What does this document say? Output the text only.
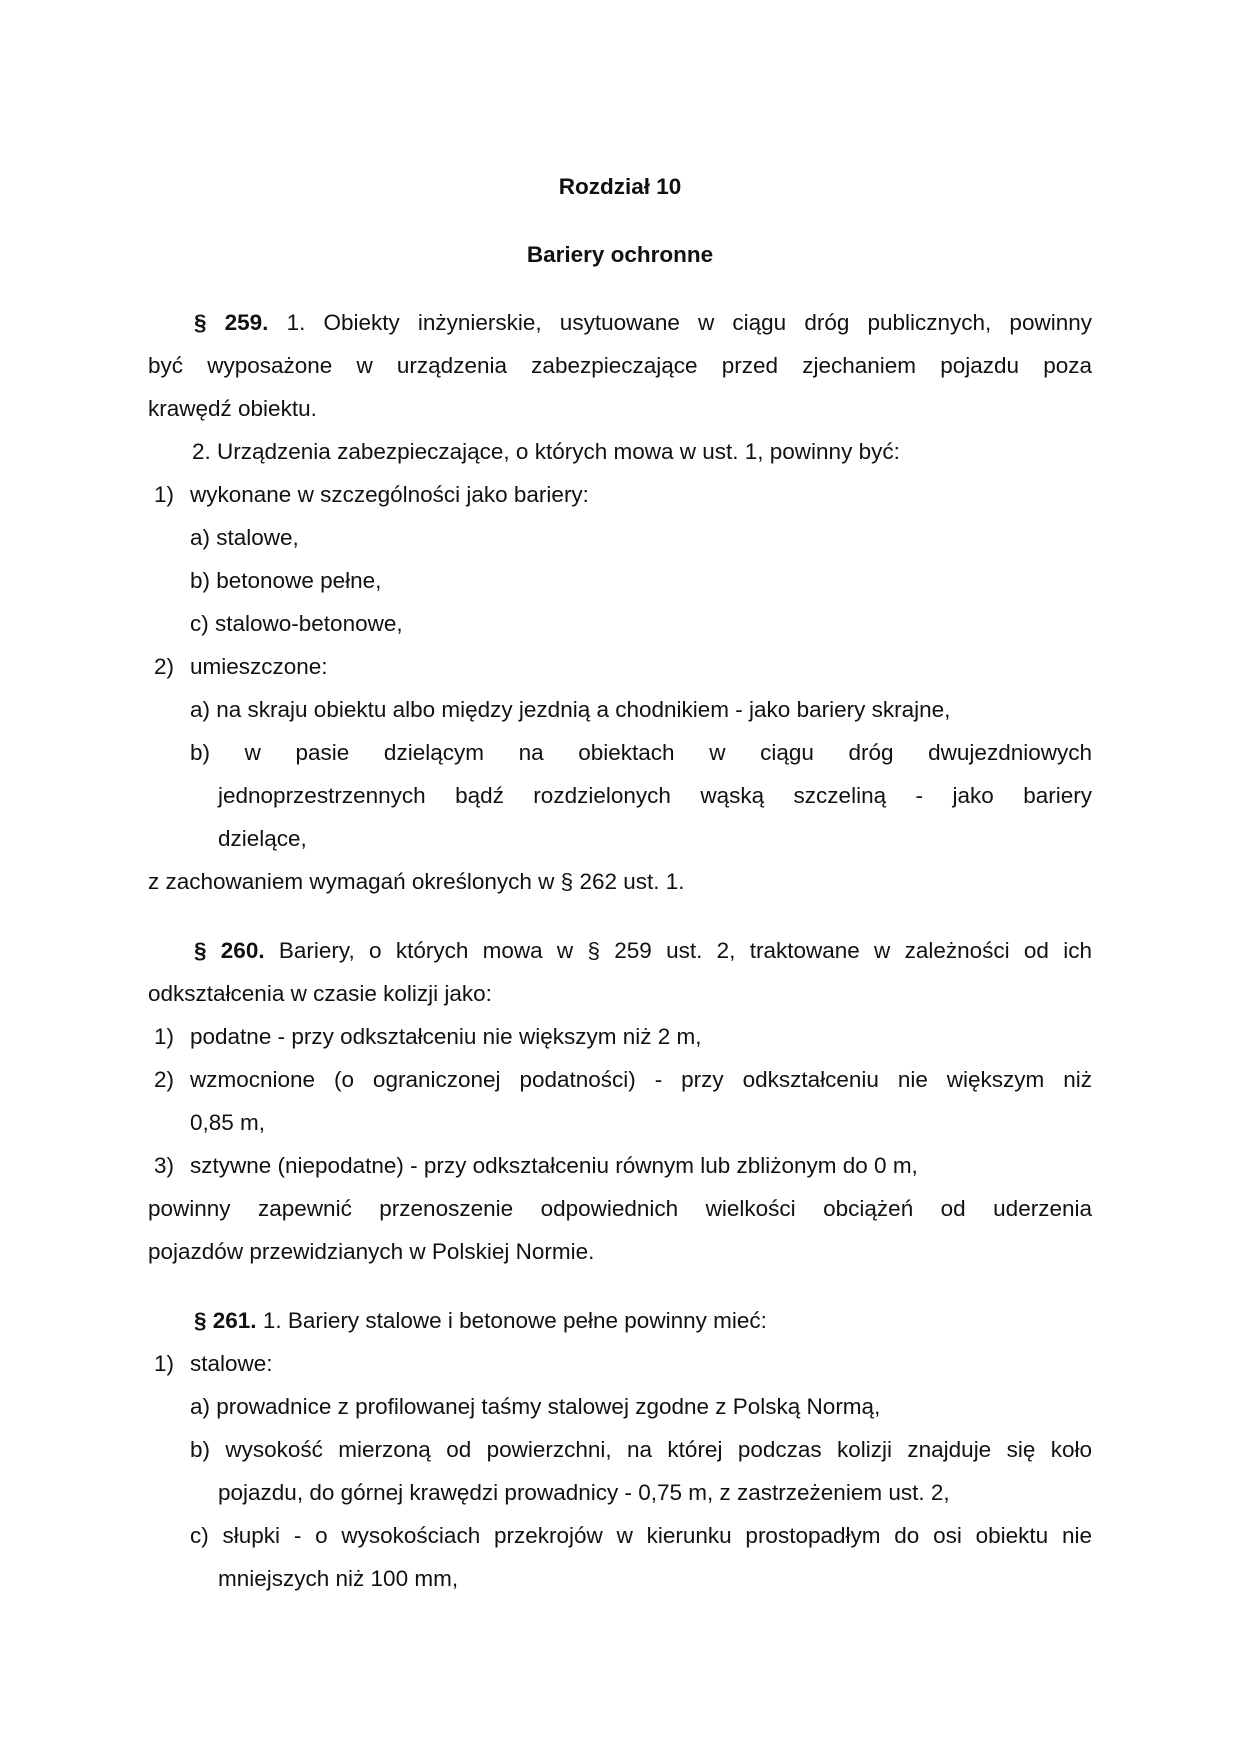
Rozdział 10
Bariery ochronne
§ 259. 1. Obiekty inżynierskie, usytuowane w ciągu dróg publicznych, powinny
być wyposażone w urządzenia zabezpieczające przed zjechaniem pojazdu poza
krawędź obiektu.
2. Urządzenia zabezpieczające, o których mowa w ust. 1, powinny być:
1) wykonane w szczególności jako bariery:
a) stalowe,
b) betonowe pełne,
c) stalowo-betonowe,
2) umieszczone:
a) na skraju obiektu albo między jezdnią a chodnikiem - jako bariery skrajne,
b) w pasie dzielącym na obiektach w ciągu dróg dwujezdniowych
jednoprzestrzennych bądź rozdzielonych wąską szczeliną - jako bariery
dzielące,
z zachowaniem wymagań określonych w § 262 ust. 1.
§ 260. Bariery, o których mowa w § 259 ust. 2, traktowane w zależności od ich
odkształcenia w czasie kolizji jako:
1) podatne - przy odkształceniu nie większym niż 2 m,
2) wzmocnione (o ograniczonej podatności) - przy odkształceniu nie większym niż
0,85 m,
3) sztywne (niepodatne) - przy odkształceniu równym lub zbliżonym do 0 m,
powinny zapewnić przenoszenie odpowiednich wielkości obciążeń od uderzenia
pojazdów przewidzianych w Polskiej Normie.
§ 261. 1. Bariery stalowe i betonowe pełne powinny mieć:
1) stalowe:
a) prowadnice z profilowanej taśmy stalowej zgodne z Polską Normą,
b) wysokość mierzoną od powierzchni, na której podczas kolizji znajduje się koło
pojazdu, do górnej krawędzi prowadnicy - 0,75 m, z zastrzeżeniem ust. 2,
c) słupki - o wysokościach przekrojów w kierunku prostopadłym do osi obiektu nie
mniejszych niż 100 mm,
